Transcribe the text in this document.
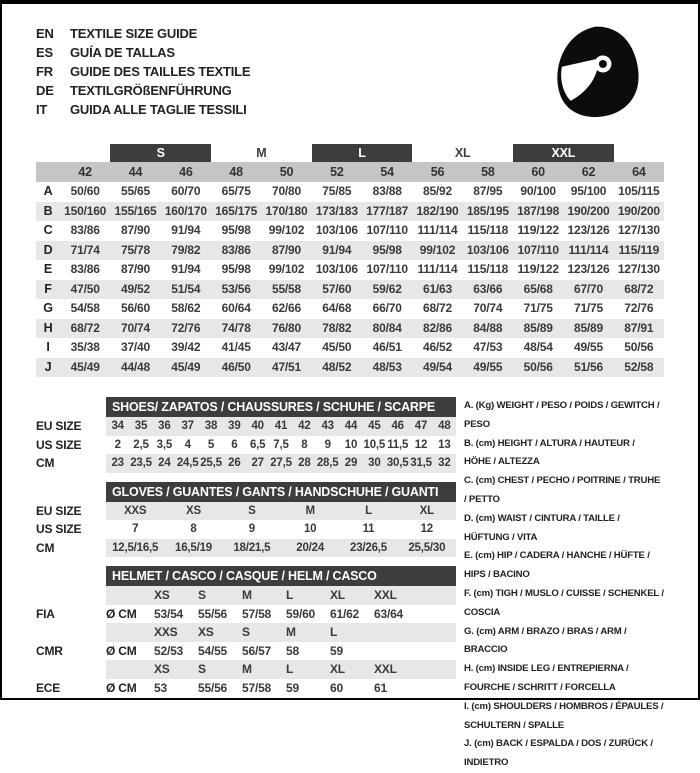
EN	TEXTILE SIZE GUIDE
ES	GUÍA DE TALLAS
FR	GUIDE DES TAILLES TEXTILE
DE	TEXTILGRÖßENFÜHRUNG
IT	GUIDA ALLE TAGLIE TESSILI
S	M	L	XL	XXL
42	44	46	48	50	52	54	56	58	60	62	64
A	50/60	55/65	60/70	65/75	70/80	75/85	83/88	85/92	87/95	90/100	95/100 105/115
B 150/160 155/165 160/170 165/175 170/180 173/183 177/187 182/190 185/195 187/198 190/200 190/200
C	83/86	87/90	91/94	95/98	99/102 103/106 107/110 111/114 115/118 119/122 123/126 127/130
D	71/74	75/78	79/82	83/86	87/90	91/94	95/98	99/102 103/106 107/110 111/114 115/119
E	83/86	87/90	91/94	95/98	99/102 103/106 107/110 111/114 115/118 119/122 123/126 127/130
F	47/50	49/52	51/54	53/56	55/58	57/60	59/62	61/63	63/66	65/68	67/70	68/72
G	54/58	56/60	58/62	60/64	62/66	64/68	66/70	68/72	70/74	71/75	71/75	72/76
H	68/72	70/74	72/76	74/78	76/80	78/82	80/84	82/86	84/88	85/89	85/89	87/91
I	35/38	37/40	39/42	41/45	43/47	45/50	46/51	46/52	47/53	48/54	49/55	50/56
J	45/49	44/48	45/49	46/50	47/51	48/52	48/53	49/54	49/55	50/56	51/56	52/58
SHOES/ ZAPATOS / CHAUSSURES / SCHUHE / SCARPE
EU SIZE	34 35 36 37 38 39 40 41 42 43 44 45 46 47 48
US SIZE	2	2,5 3,5	4	5	6	6,5 7,5	8	9	10 10,5 11,5 12 13
CM	23 23,5 24 24,5 25,5 26 27 27,5 28 28,5 29 30 30,5 31,5 32
GLOVES / GUANTES / GANTS / HANDSCHUHE / GUANTI
EU SIZE	XXS	XS	S	M	L	XL
US SIZE	7	8	9	10	11	12
CM	12,5/16,5	16,5/19	18/21,5	20/24	23/26,5	25,5/30
HELMET / CASCO / CASQUE / HELM / CASCO
XS	S	M	L	XL	XXL
FIA	Ø CM	53/54	55/56	57/58	59/60	61/62	63/64
XXS	XS	S	M	L
CMR	Ø CM	52/53	54/55	56/57	58	59
XS	S	M	L	XL	XXL
ECE	Ø CM	53	55/56	57/58	59	60	61
A. (Kg) WEIGHT / PESO / POIDS / GEWITCH / PESO
B. (cm) HEIGHT / ALTURA / HAUTEUR / HÖHE / ALTEZZA
C. (cm) CHEST / PECHO / POITRINE / TRUHE / PETTO
D. (cm) WAIST / CINTURA / TAILLE / HÜFTUNG / VITA
E. (cm) HIP / CADERA / HANCHE / HÜFTE / HIPS / BACINO
F. (cm) TIGH / MUSLO / CUISSE / SCHENKEL / COSCIA
G. (cm) ARM / BRAZO / BRAS / ARM / BRACCIO
H. (cm) INSIDE LEG / ENTREPIERNA / FOURCHE / SCHRITT / FORCELLA
I. (cm) SHOULDERS / HOMBROS / ÉPAULES / SCHULTERN / SPALLE
J. (cm) BACK / ESPALDA / DOS / ZURÜCK / INDIETRO
